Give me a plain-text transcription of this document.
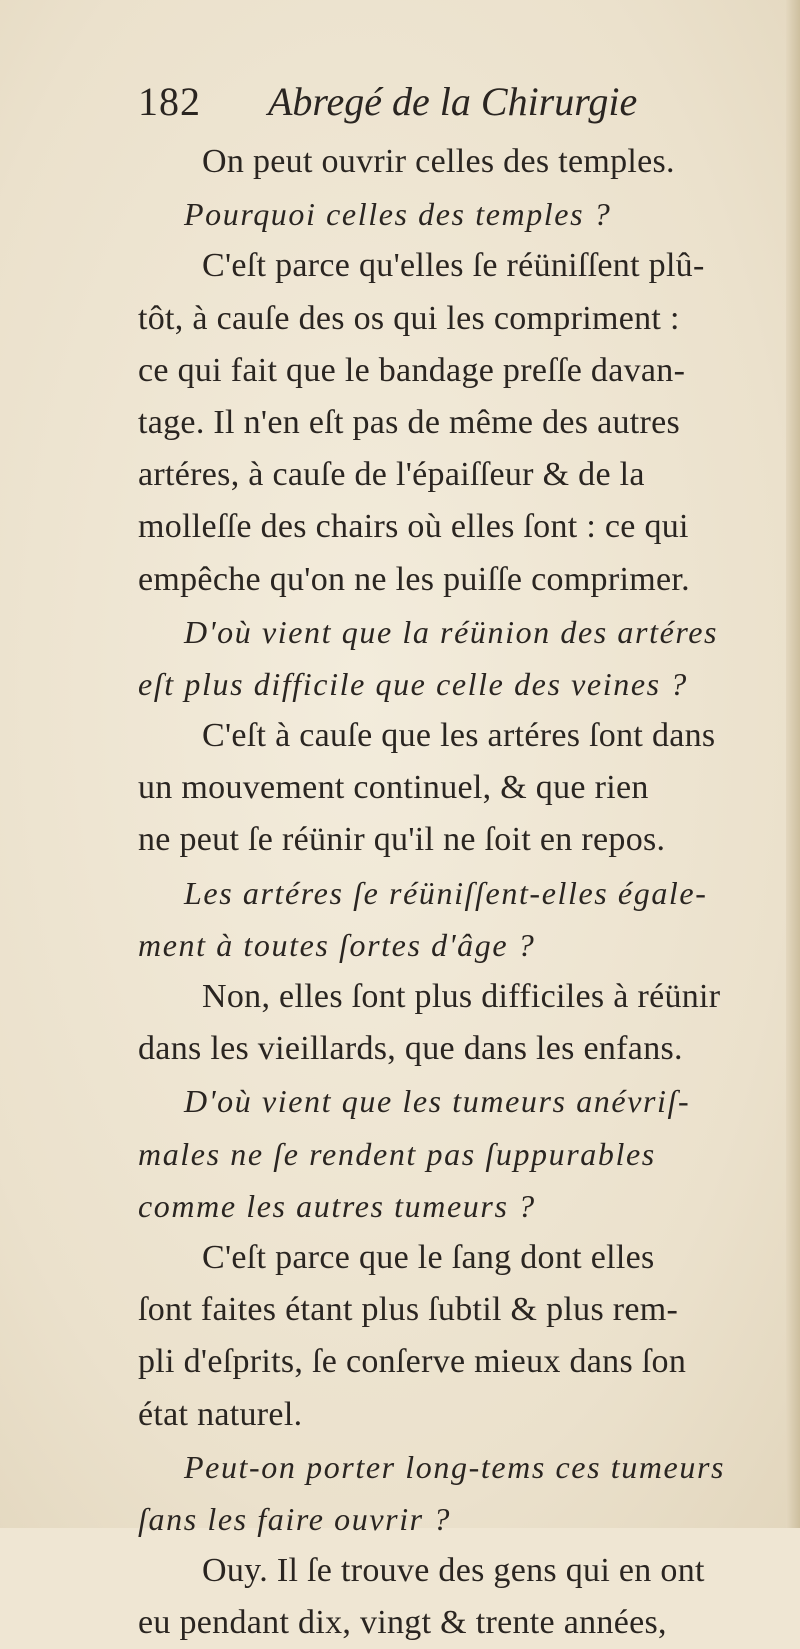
182	Abregé de la Chirurgie
On peut ouvrir celles des temples.
Pourquoi celles des temples ?
C'eſt parce qu'elles ſe réüniſſent plû-
tôt, à cauſe des os qui les compriment :
ce qui fait que le bandage preſſe davan-
tage. Il n'en eſt pas de même des autres
artéres, à cauſe de l'épaiſſeur & de la
molleſſe des chairs où elles ſont : ce qui
empêche qu'on ne les puiſſe comprimer.
D'où vient que la réünion des artéres
eſt plus difficile que celle des veines ?
C'eſt à cauſe que les artéres ſont dans
un mouvement continuel, & que rien
ne peut ſe réünir qu'il ne ſoit en repos.
Les artéres ſe réüniſſent-elles égale-
ment à toutes ſortes d'âge ?
Non, elles ſont plus difficiles à réünir
dans les vieillards, que dans les enfans.
D'où vient que les tumeurs anévriſ-
males ne ſe rendent pas ſuppurables
comme les autres tumeurs ?
C'eſt parce que le ſang dont elles
ſont faites étant plus ſubtil & plus rem-
pli d'eſprits, ſe conſerve mieux dans ſon
état naturel.
Peut-on porter long-tems ces tumeurs
ſans les faire ouvrir ?
Ouy. Il ſe trouve des gens qui en ont
eu pendant dix, vingt & trente années,
